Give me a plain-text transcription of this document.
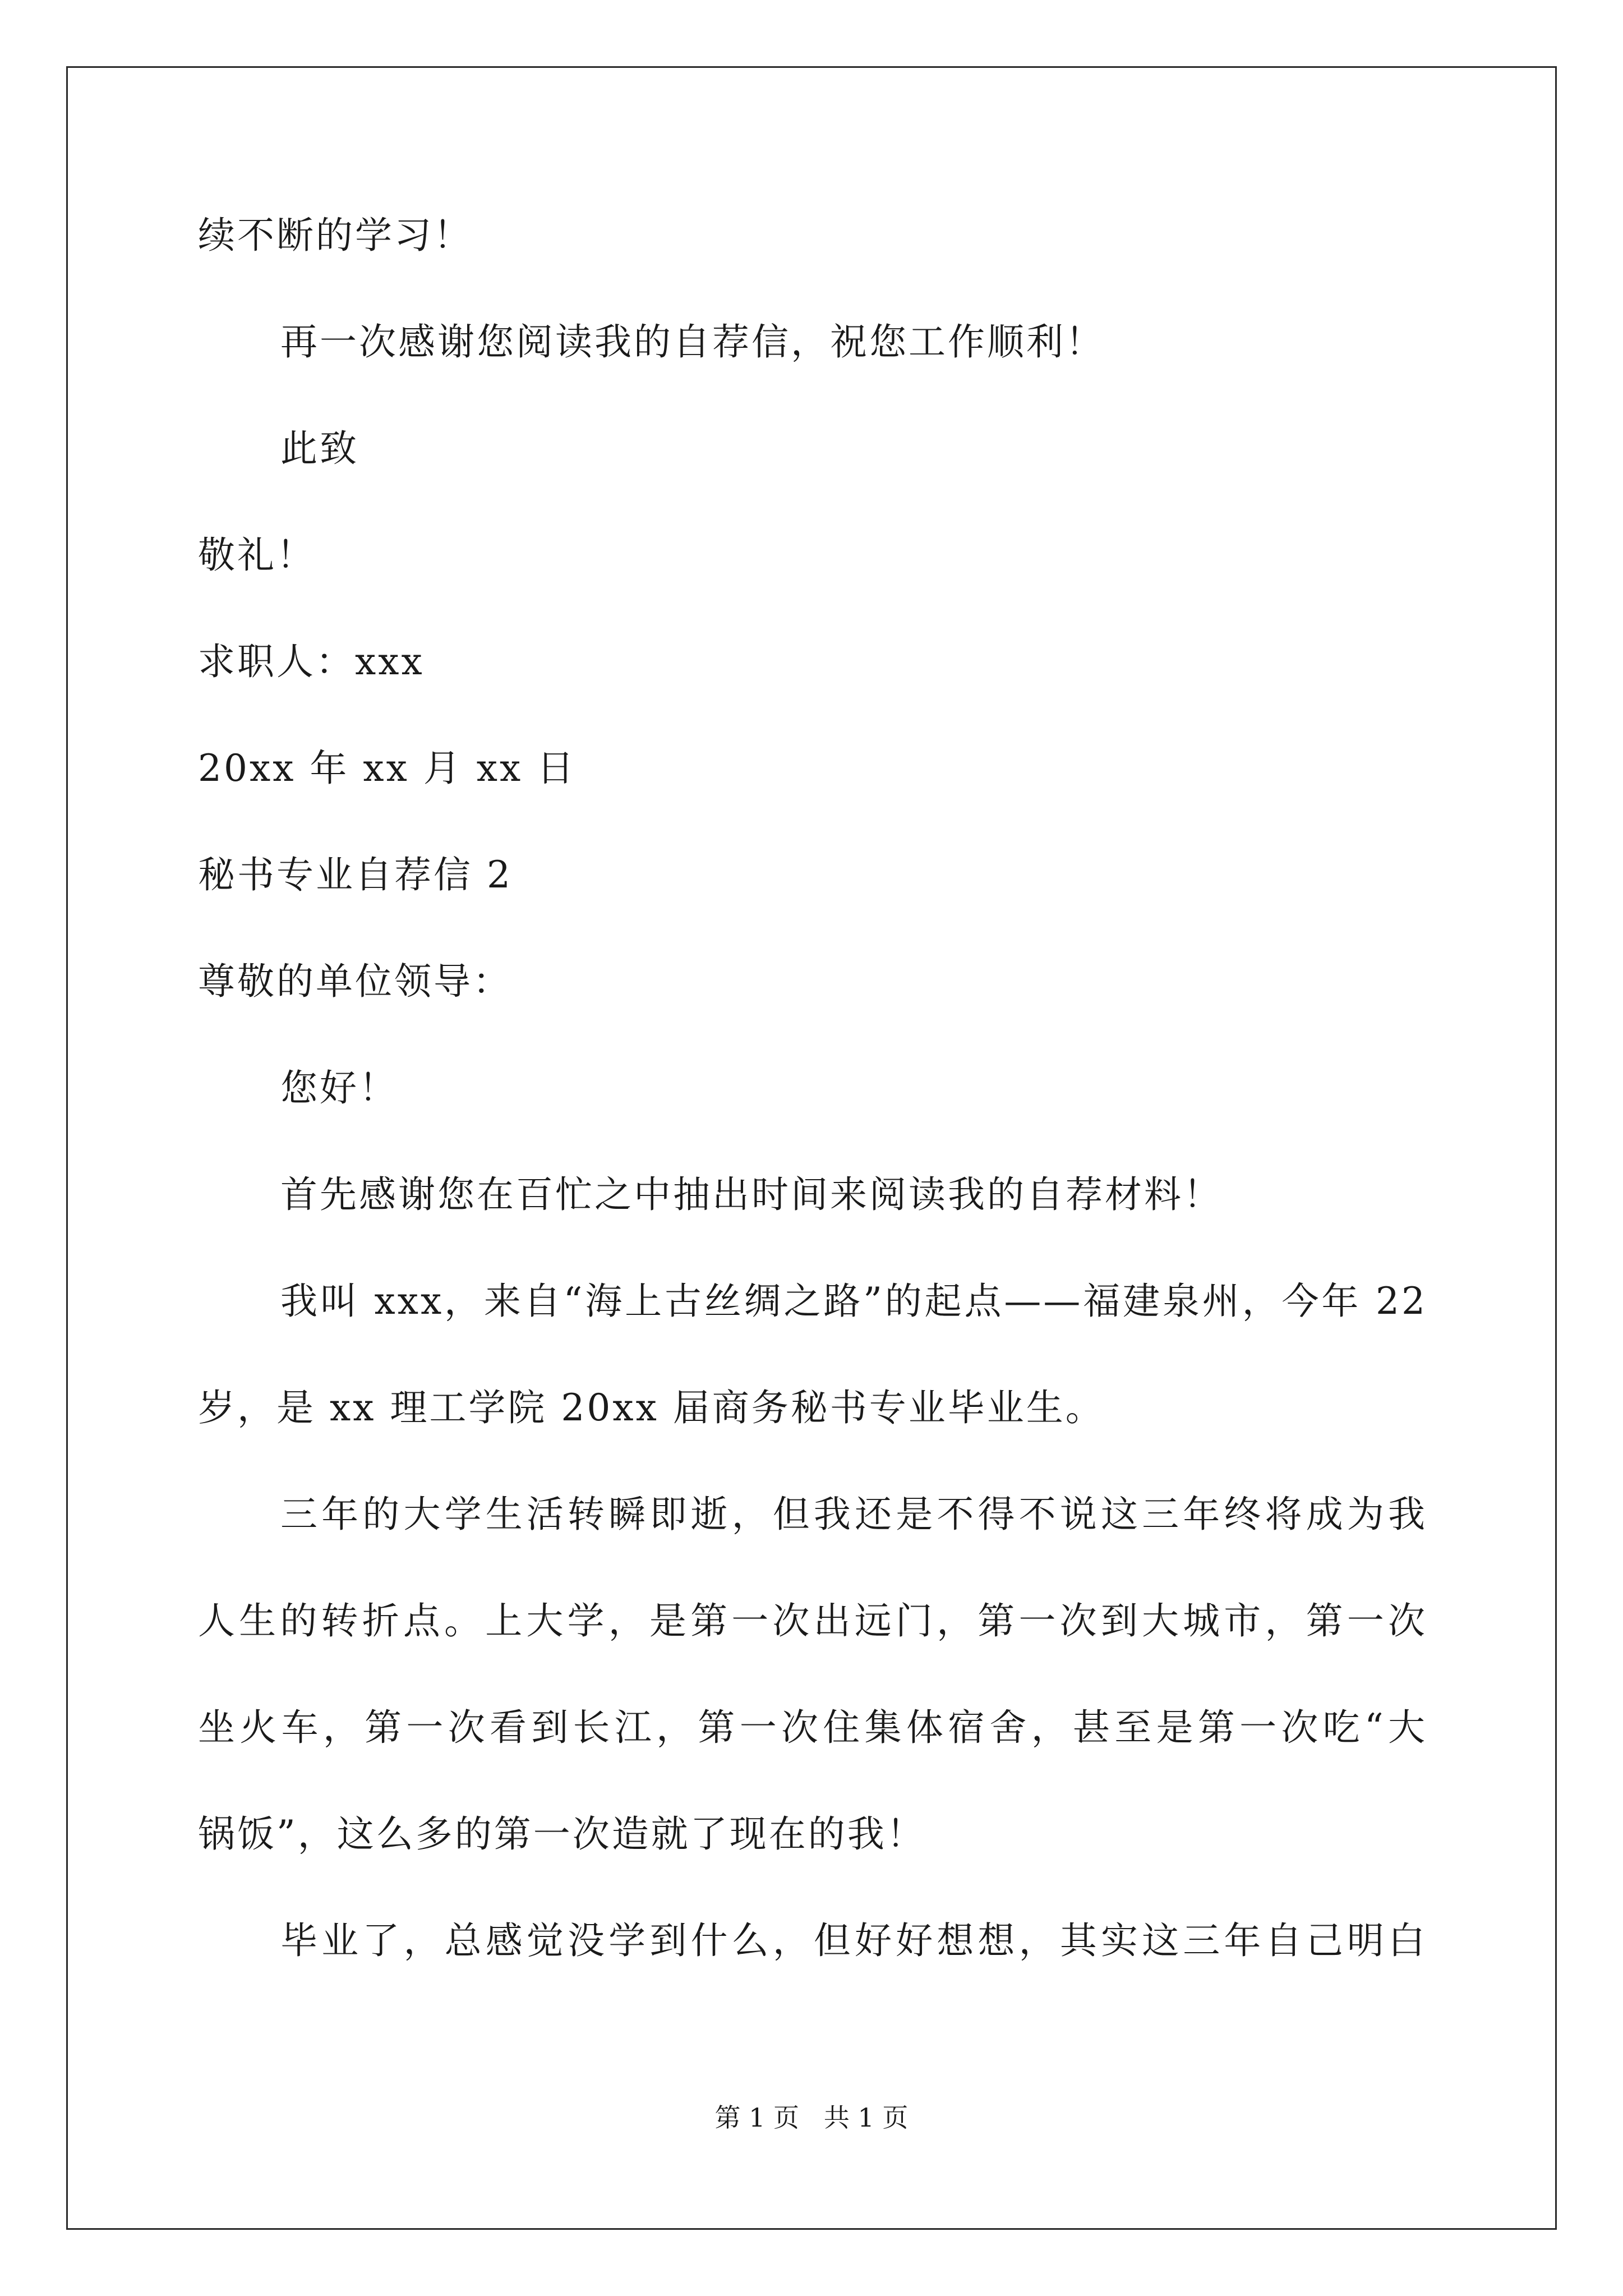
续不断的学习！
再一次感谢您阅读我的自荐信，祝您工作顺利！
此致
敬礼！
求职人：xxx
20xx 年 xx 月 xx 日
秘书专业自荐信 2
尊敬的单位领导：
您好！
首先感谢您在百忙之中抽出时间来阅读我的自荐材料！
我叫 xxx，来自“海上古丝绸之路”的起点——福建泉州，今年 22
岁，是 xx 理工学院 20xx 届商务秘书专业毕业生。
三年的大学生活转瞬即逝，但我还是不得不说这三年终将成为我
人生的转折点。上大学，是第一次出远门，第一次到大城市，第一次
坐火车，第一次看到长江，第一次住集体宿舍，甚至是第一次吃“大
锅饭”，这么多的第一次造就了现在的我！
毕业了，总感觉没学到什么，但好好想想，其实这三年自己明白
第 1 页   共 1 页
